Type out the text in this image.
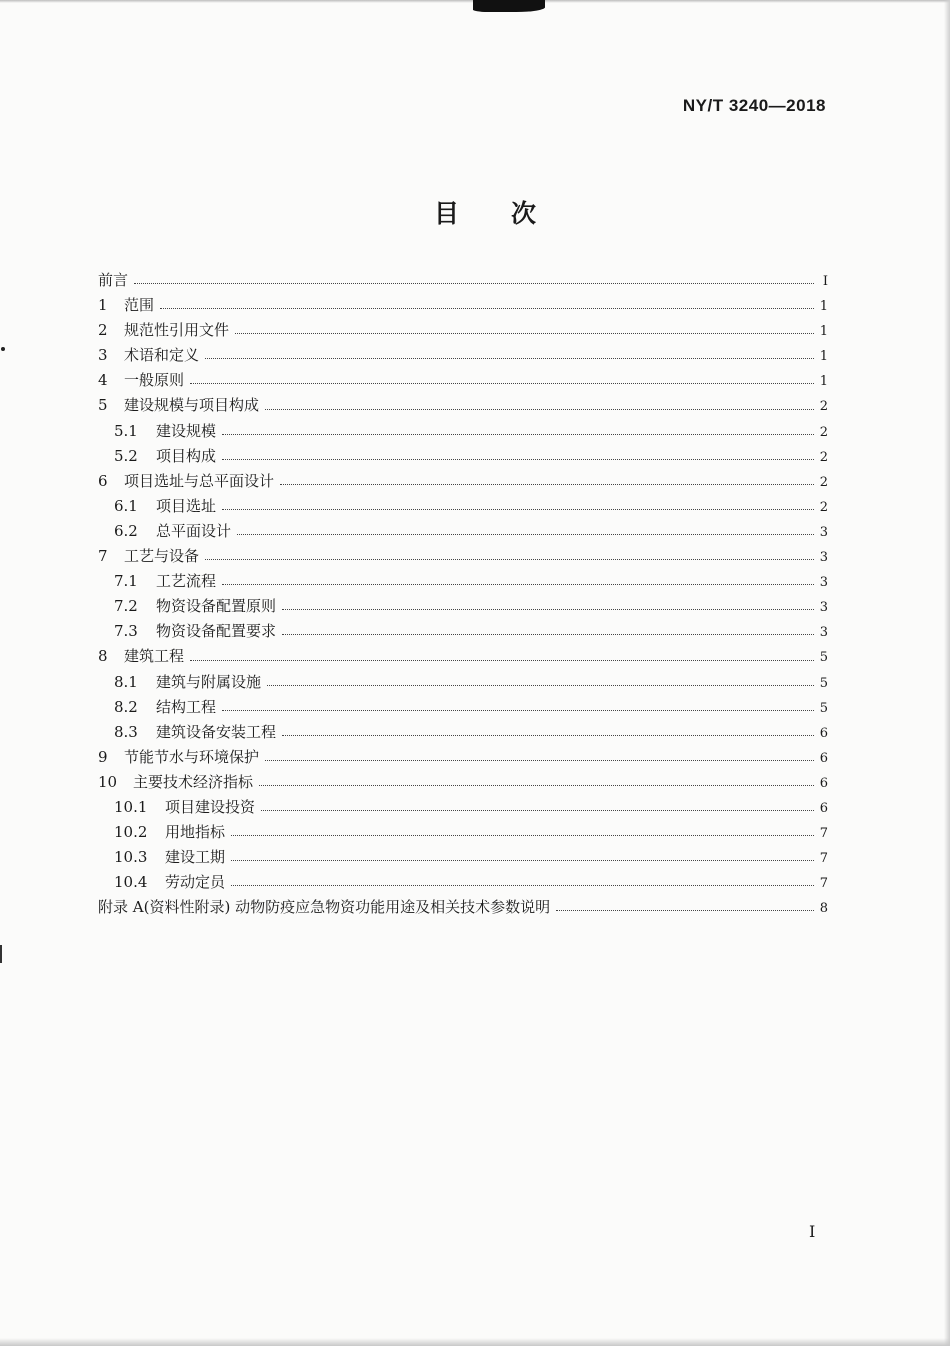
NY/T 3240—2018
目次
前言	I
1	范围	1
2	规范性引用文件	1
3	术语和定义	1
4	一般原则	1
5	建设规模与项目构成	2
5.1	建设规模	2
5.2	项目构成	2
6	项目选址与总平面设计	2
6.1	项目选址	2
6.2	总平面设计	3
7	工艺与设备	3
7.1	工艺流程	3
7.2	物资设备配置原则	3
7.3	物资设备配置要求	3
8	建筑工程	5
8.1	建筑与附属设施	5
8.2	结构工程	5
8.3	建筑设备安装工程	6
9	节能节水与环境保护	6
10	主要技术经济指标	6
10.1	项目建设投资	6
10.2	用地指标	7
10.3	建设工期	7
10.4	劳动定员	7
附录 A(资料性附录) 动物防疫应急物资功能用途及相关技术参数说明	8
I
